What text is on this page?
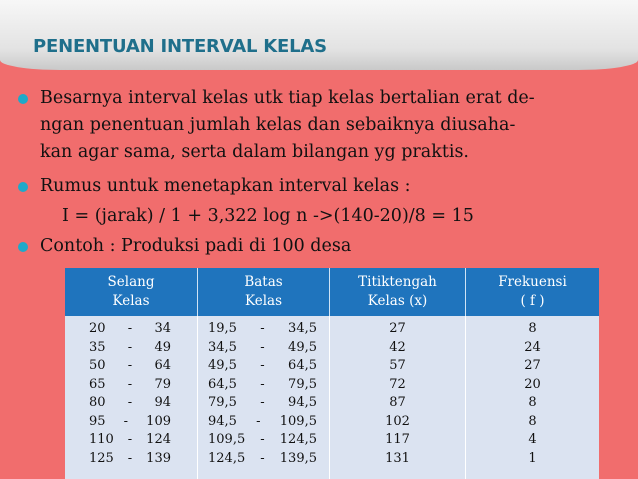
PENENTUAN INTERVAL KELAS
Besarnya interval kelas utk tiap kelas bertalian erat de-
ngan penentuan jumlah kelas dan sebaiknya diusaha-
kan agar sama, serta dalam bilangan yg praktis.
Rumus untuk menetapkan interval kelas :
I = (jarak) / 1 + 3,322 log n ->(140-20)/8 = 15
Contoh : Produksi padi di 100 desa
Selang
Kelas
Batas
Kelas
Titiktengah
Kelas (x)
Frekuensi
( f )
20 - 34
35 - 49
50 - 64
65 - 79
80 - 94
95 - 109
110 - 124
125 - 139
19,5 - 34,5
34,5 - 49,5
49,5 - 64,5
64,5 - 79,5
79,5 - 94,5
94,5 - 109,5
109,5 - 124,5
124,5 - 139,5
27
42
57
72
87
102
117
131
8
24
27
20
8
8
4
1
